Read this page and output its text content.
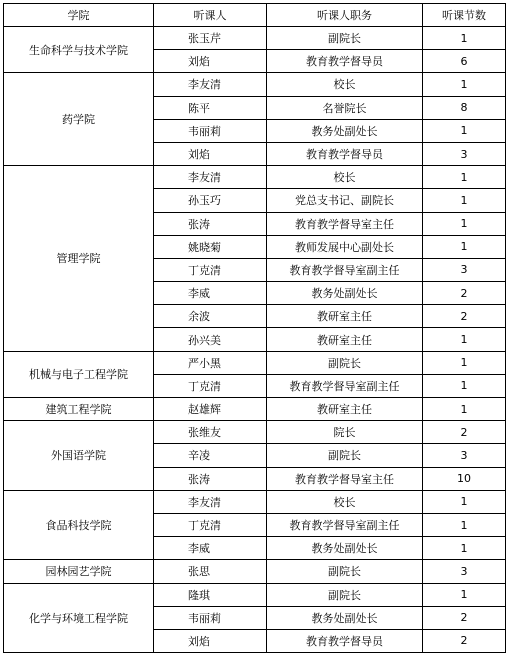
学院	听课人	听课人职务	听课节数
生命科学与技术学院	张玉芹	副院长	1
	刘焰	教育教学督导员	6
药学院	李友清	校长	1
	陈平	名誉院长	8
	韦丽莉	教务处副处长	1
	刘焰	教育教学督导员	3
管理学院	李友清	校长	1
	孙玉巧	党总支书记、副院长	1
	张涛	教育教学督导室主任	1
	姚晓菊	教师发展中心副处长	1
	丁克清	教育教学督导室副主任	3
	李威	教务处副处长	2
	余波	教研室主任	2
	孙兴美	教研室主任	1
机械与电子工程学院	严小黑	副院长	1
	丁克清	教育教学督导室副主任	1
建筑工程学院	赵雄辉	教研室主任	1
外国语学院	张维友	院长	2
	辛凌	副院长	3
	张涛	教育教学督导室主任	10
食品科技学院	李友清	校长	1
	丁克清	教育教学督导室副主任	1
	李威	教务处副处长	1
园林园艺学院	张思	副院长	3
化学与环境工程学院	隆琪	副院长	1
	韦丽莉	教务处副处长	2
	刘焰	教育教学督导员	2
